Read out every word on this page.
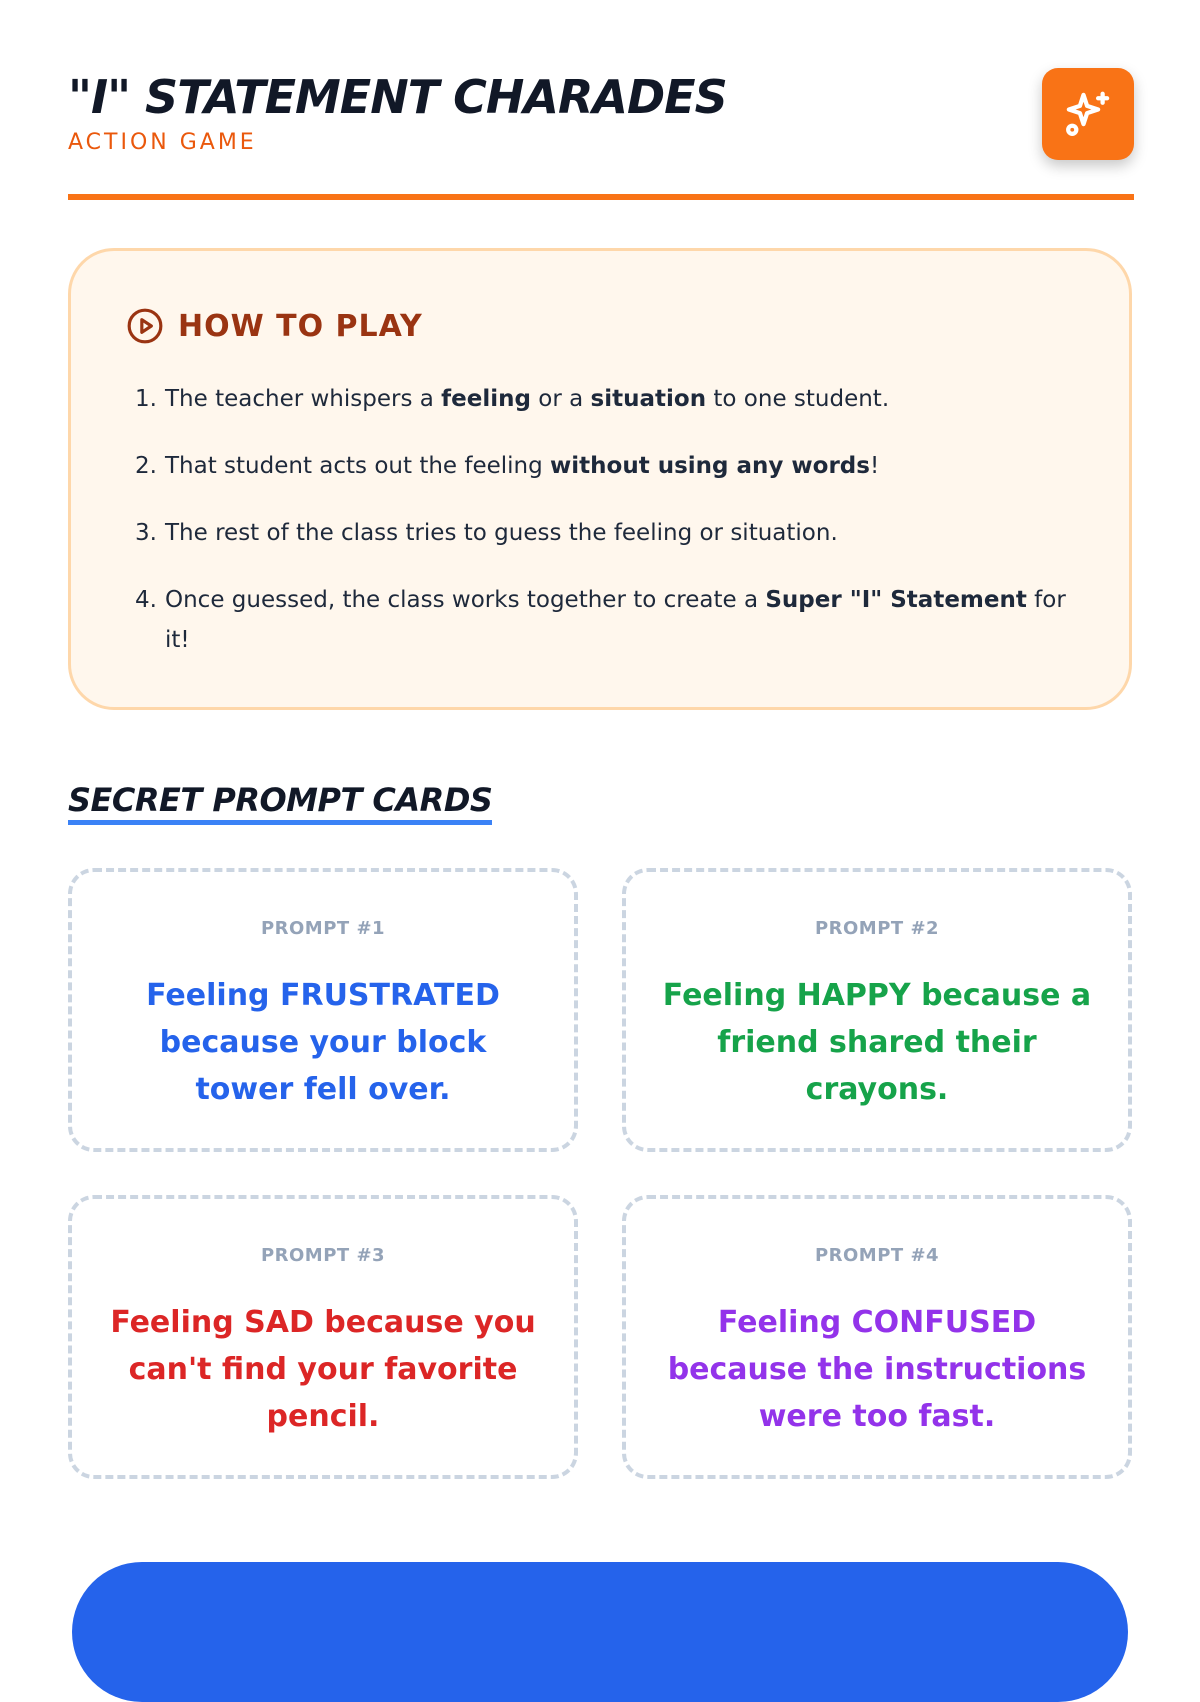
"I" STATEMENT CHARADES
ACTION GAME
HOW TO PLAY
1. The teacher whispers a feeling or a situation to one student.
2. That student acts out the feeling without using any words!
3. The rest of the class tries to guess the feeling or situation.
4. Once guessed, the class works together to create a Super "I" Statement for it!
SECRET PROMPT CARDS
PROMPT #1
Feeling FRUSTRATED because your block tower fell over.
PROMPT #2
Feeling HAPPY because a friend shared their crayons.
PROMPT #3
Feeling SAD because you can't find your favorite pencil.
PROMPT #4
Feeling CONFUSED because the instructions were too fast.
